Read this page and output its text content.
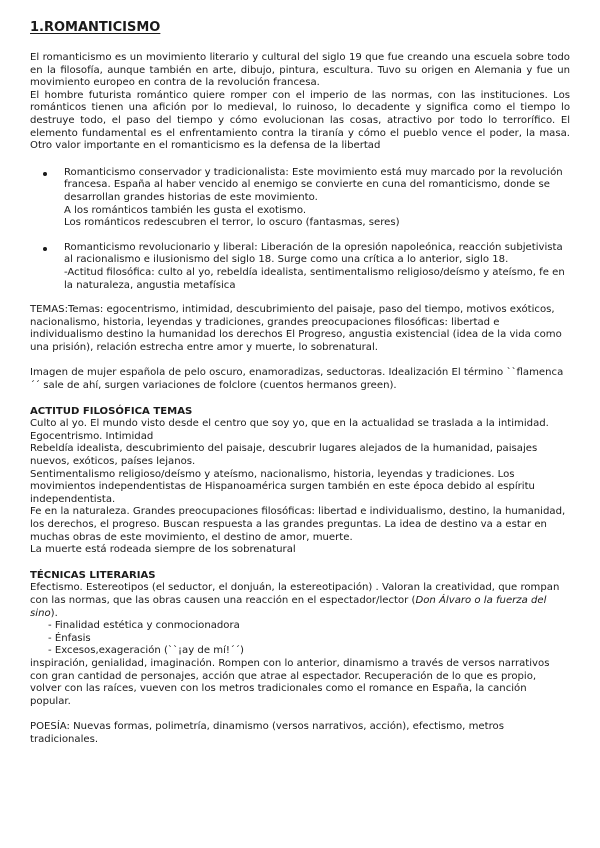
1.ROMANTICISMO

El romanticismo es un movimiento literario y cultural del siglo 19 que fue creando una escuela sobre todo en la filosofía, aunque también en arte, dibujo, pintura, escultura. Tuvo su origen en Alemania y fue un movimiento europeo en contra de la revolución francesa.

El hombre futurista romántico quiere romper con el imperio de las normas, con las instituciones. Los románticos tienen una afición por lo medieval, lo ruinoso, lo decadente y significa como el tiempo lo destruye todo, el paso del tiempo y cómo evolucionan las cosas, atractivo por todo lo terrorífico. El elemento fundamental es el enfrentamiento contra la tiranía y cómo el pueblo vence el poder, la masa. Otro valor importante en el romanticismo es la defensa de la libertad

Romanticismo conservador y tradicionalista: Este movimiento está muy marcado por la revolución francesa. España al haber vencido al enemigo se convierte en cuna del romanticismo, donde se desarrollan grandes historias de este movimiento.

A los románticos también les gusta el exotismo.

Los románticos redescubren el terror, lo oscuro (fantasmas, seres)

Romanticismo revolucionario y liberal: Liberación de la opresión napoleónica, reacción subjetivista al racionalismo e ilusionismo del siglo 18. Surge como una crítica a lo anterior, siglo 18.

-Actitud filosófica: culto al yo, rebeldía idealista, sentimentalismo religioso/deísmo y ateísmo, fe en la naturaleza, angustia metafísica

TEMAS:Temas: egocentrismo, intimidad, descubrimiento del paisaje, paso del tiempo, motivos exóticos, nacionalismo, historia, leyendas y tradiciones, grandes preocupaciones filosóficas: libertad e individualismo destino la humanidad los derechos El Progreso, angustia existencial (idea de la vida como una prisión), relación estrecha entre amor y muerte, lo sobrenatural.

Imagen de mujer española de pelo oscuro, enamoradizas, seductoras. Idealización El término ``flamenca ´´ sale de ahí, surgen variaciones de folclore (cuentos hermanos green).

ACTITUD FILOSÓFICA TEMAS

Culto al yo. El mundo visto desde el centro que soy yo, que en la actualidad se traslada a la intimidad.

Egocentrismo. Intimidad

Rebeldía idealista, descubrimiento del paisaje, descubrir lugares alejados de la humanidad, paisajes nuevos, exóticos, países lejanos.

Sentimentalismo religioso/deísmo y ateísmo, nacionalismo, historia, leyendas y tradiciones. Los movimientos independentistas de Hispanoamérica surgen también en este época debido al espíritu independentista.

Fe en la naturaleza. Grandes preocupaciones filosóficas: libertad e individualismo, destino, la humanidad, los derechos, el progreso. Buscan respuesta a las grandes preguntas. La idea de destino va a estar en muchas obras de este movimiento, el destino de amor, muerte.

La muerte está rodeada siempre de los sobrenatural

TÉCNICAS LITERARIAS

Efectismo. Estereotipos (el seductor, el donjuán, la estereotipación) . Valoran la creatividad, que rompan con las normas, que las obras causen una reacción en el espectador/lector (Don Álvaro o la fuerza del sino).

- Finalidad estética y conmocionadora
- Énfasis
- Excesos,exageración (``¡ay de mí!´´)

inspiración, genialidad, imaginación. Rompen con lo anterior, dinamismo a través de versos narrativos con gran cantidad de personajes, acción que atrae al espectador. Recuperación de lo que es propio, volver con las raíces, vueven con los metros tradicionales como el romance en España, la canción popular.

POESÍA: Nuevas formas, polimetría, dinamismo (versos narrativos, acción), efectismo, metros tradicionales.
